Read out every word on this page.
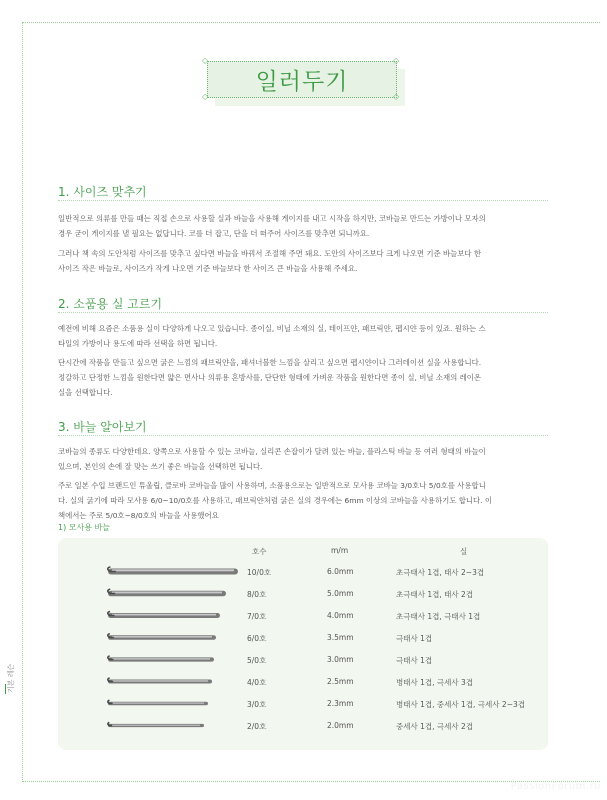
일러두기
◇	◇
◇	◇
1. 사이즈 맞추기
일반적으로 의류를 만들 때는 직접 손으로 사용할 실과 바늘을 사용해 게이지를 내고 시작을 하지만, 코바늘로 만드는 가방이나 모자의
경우 굳이 게이지를 낼 필요는 없답니다. 코를 더 잡고, 단을 더 떠주어 사이즈를 맞추면 되니까요.
그러나 책 속의 도안처럼 사이즈를 맞추고 싶다면 바늘을 바꿔서 조절해 주면 돼요. 도안의 사이즈보다 크게 나오면 기준 바늘보다 한
사이즈 작은 바늘로, 사이즈가 작게 나오면 기준 바늘보다 한 사이즈 큰 바늘을 사용해 주세요.
2. 소품용 실 고르기
예전에 비해 요즘은 소품용 실이 다양하게 나오고 있습니다. 종이실, 비닐 소재의 실, 테이프얀, 패브릭얀, 펩시얀 등이 있죠. 원하는 스
타일의 가방이나 용도에 따라 선택을 하면 됩니다.
단시간에 작품을 만들고 싶으면 굵은 느낌의 패브릭얀을, 패셔너블한 느낌을 살리고 싶으면 펩시얀이나 그러데이션 실을 사용합니다.
정갈하고 단정한 느낌을 원한다면 얇은 면사나 의류용 혼방사를, 단단한 형태에 가벼운 작품을 원한다면 종이 실, 비닐 소재의 레이온
실을 선택합니다.
3. 바늘 알아보기
코바늘의 종류도 다양한데요. 양쪽으로 사용할 수 있는 코바늘, 실리콘 손잡이가 달려 있는 바늘, 플라스틱 바늘 등 여러 형태의 바늘이
있으며, 본인의 손에 잘 맞는 쓰기 좋은 바늘을 선택하면 됩니다.
주로 일본 수입 브랜드인 튜울립, 클로바 코바늘을 많이 사용하며, 소품용으로는 일반적으로 모사용 코바늘 3/0호나 5/0호를 사용합니
다. 실의 굵기에 따라 모사용 6/0~10/0호를 사용하고, 패브릭얀처럼 굵은 실의 경우에는 6mm 이상의 코바늘을 사용하기도 합니다. 이
책에서는 주로 5/0호~8/0호의 바늘을 사용했어요
1) 모사용 바늘
호수	m/m	실
10/0호	6.0mm	초극태사 1겹, 태사 2~3겹
8/0호	5.0mm	초극태사 1겹, 태사 2겹
7/0호	4.0mm	초극태사 1겹, 극태사 1겹
6/0호	3.5mm	극태사 1겹
5/0호	3.0mm	극태사 1겹
4/0호	2.5mm	병태사 1겹, 극세사 3겹
3/0호	2.3mm	병태사 1겹, 중세사 1겹, 극세사 2~3겹
2/0호	2.0mm	중세사 1겹, 극세사 2겹
기본 레슨
PassionForum.ru
